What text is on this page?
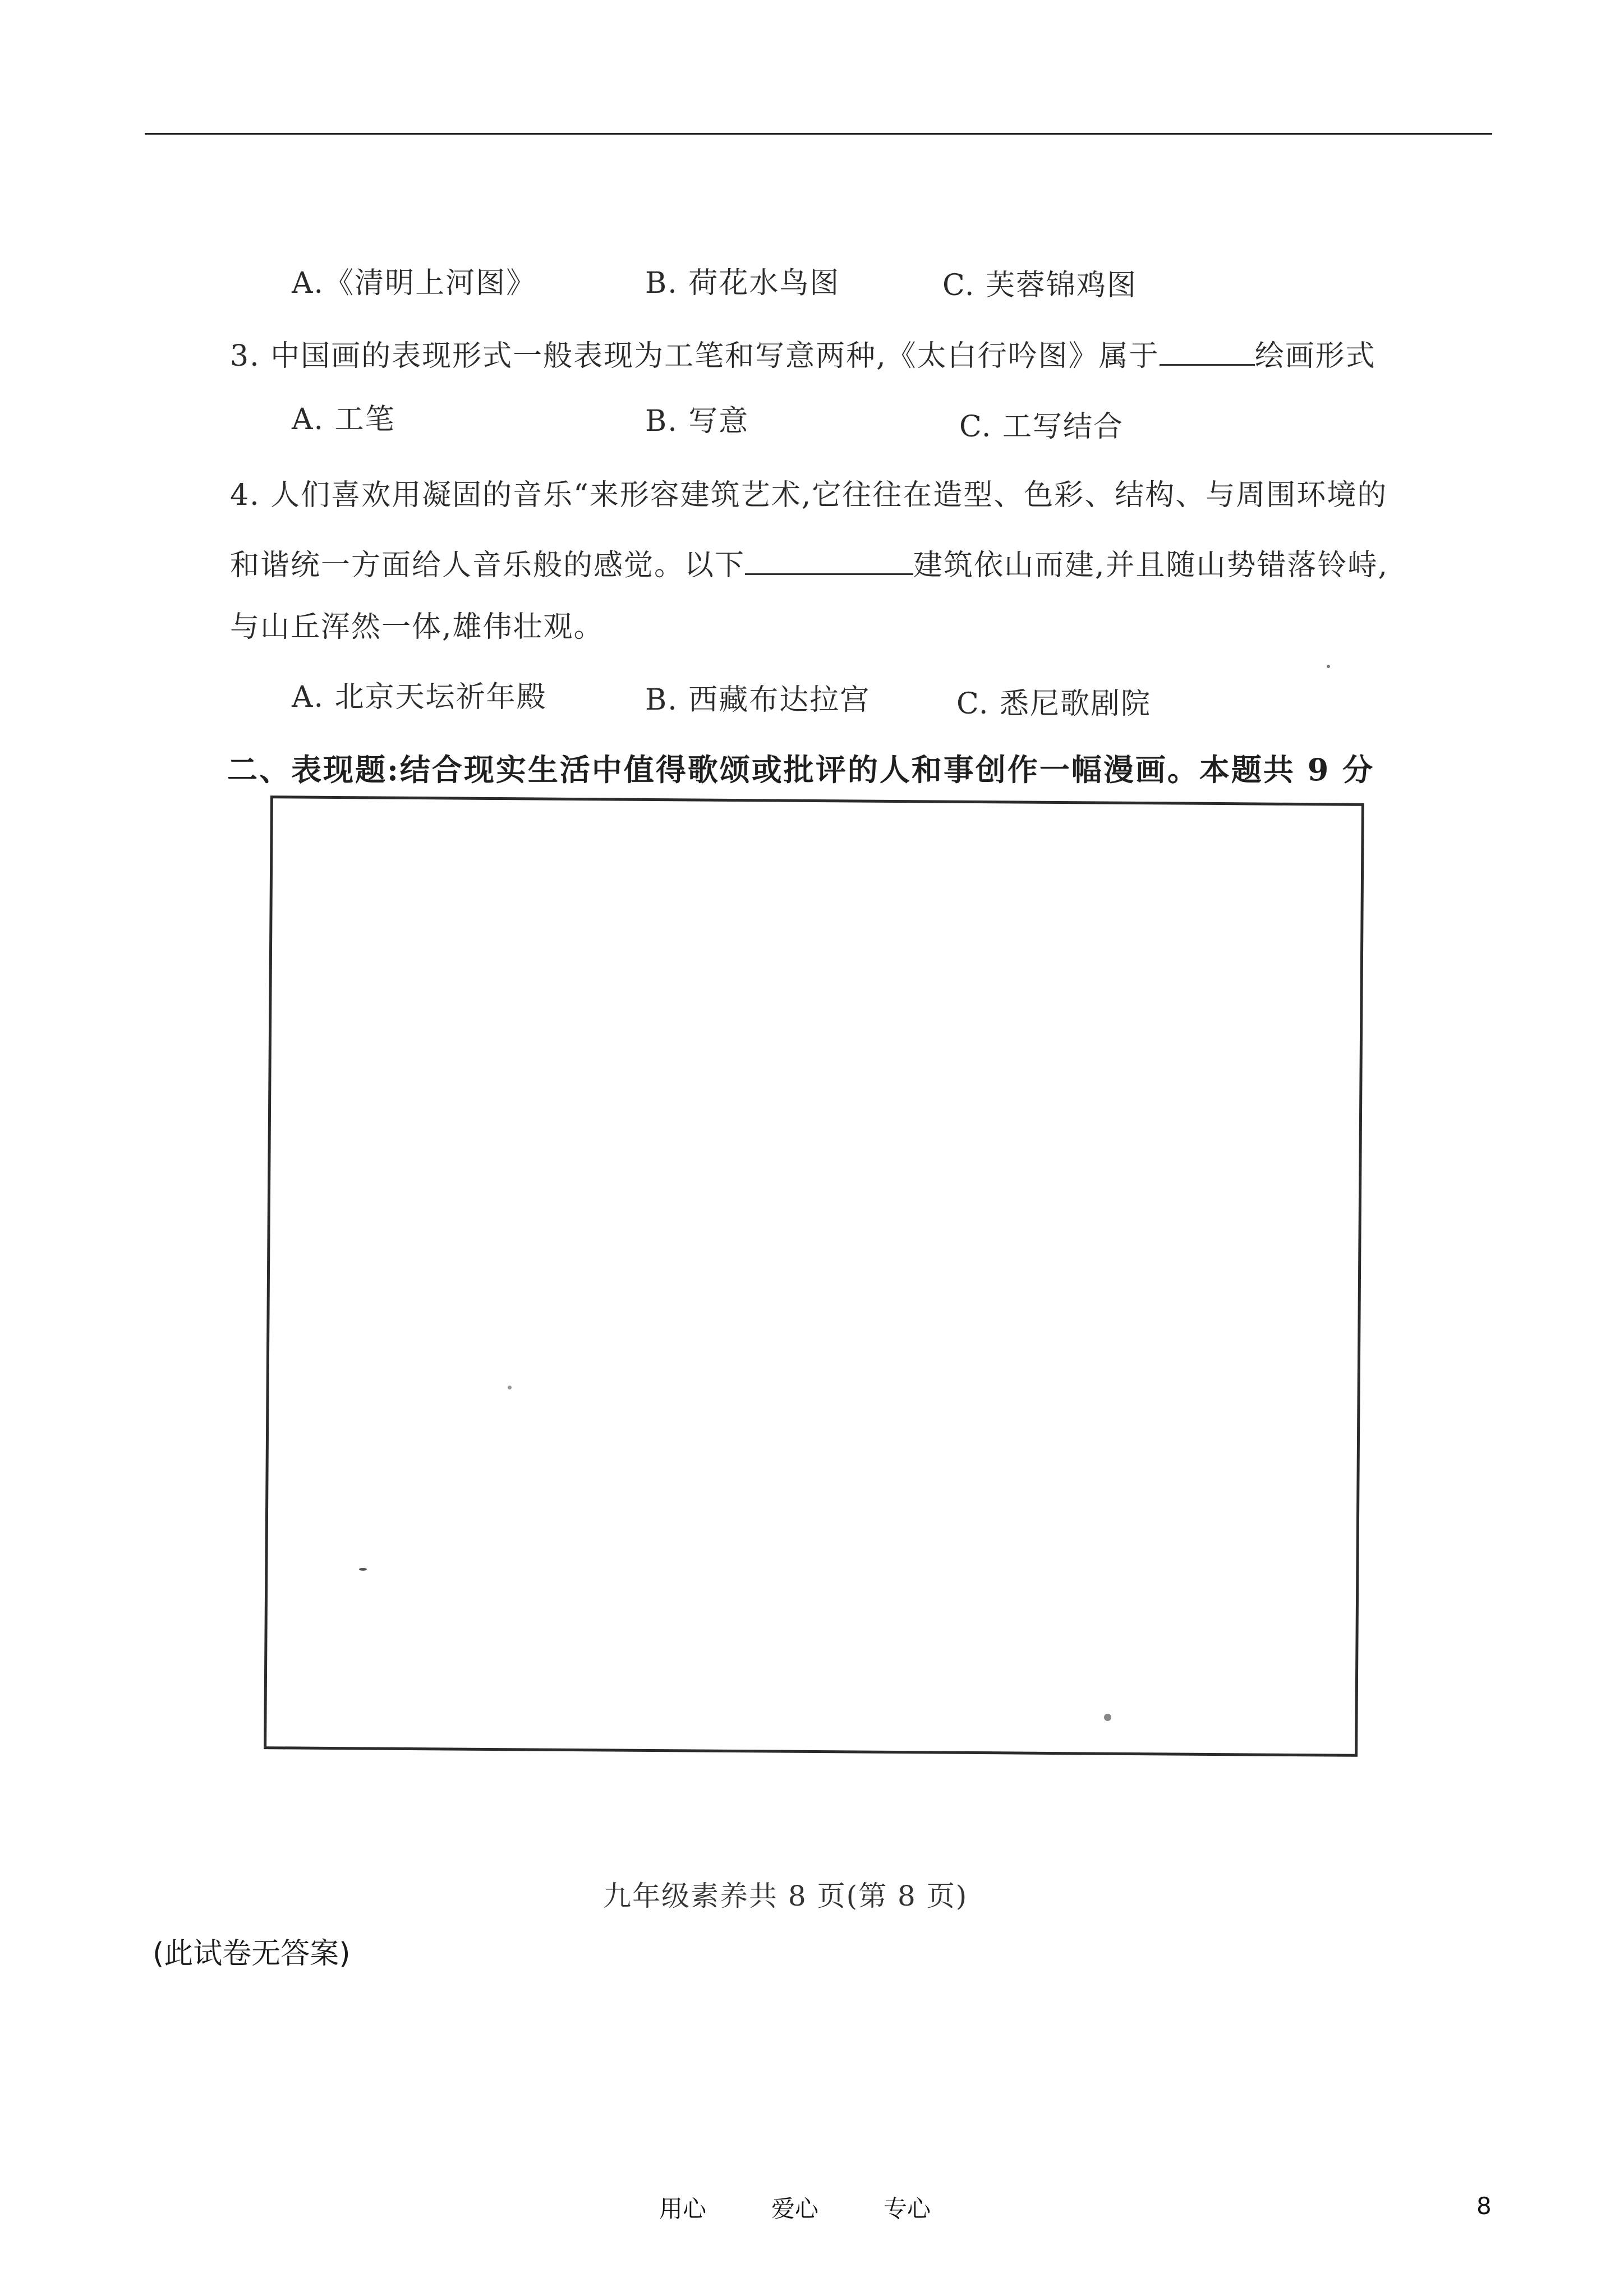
A.《清明上河图》	B. 荷花水鸟图	C. 芙蓉锦鸡图
3. 中国画的表现形式一般表现为工笔和写意两种,《太白行吟图》属于	绘画形式
A. 工笔	B. 写意	C. 工写结合
4. 人们喜欢用凝固的音乐“来形容建筑艺术,它往往在造型、色彩、结构、与周围环境的
和谐统一方面给人音乐般的感觉。以下	建筑依山而建,并且随山势错落铃峙,
与山丘浑然一体,雄伟壮观。
A. 北京天坛祈年殿	B. 西藏布达拉宫	C. 悉尼歌剧院
二、表现题:结合现实生活中值得歌颂或批评的人和事创作一幅漫画。本题共 9 分
九年级素养共 8 页(第 8 页)
(此试卷无答案)
用心	爱心	专心	8
